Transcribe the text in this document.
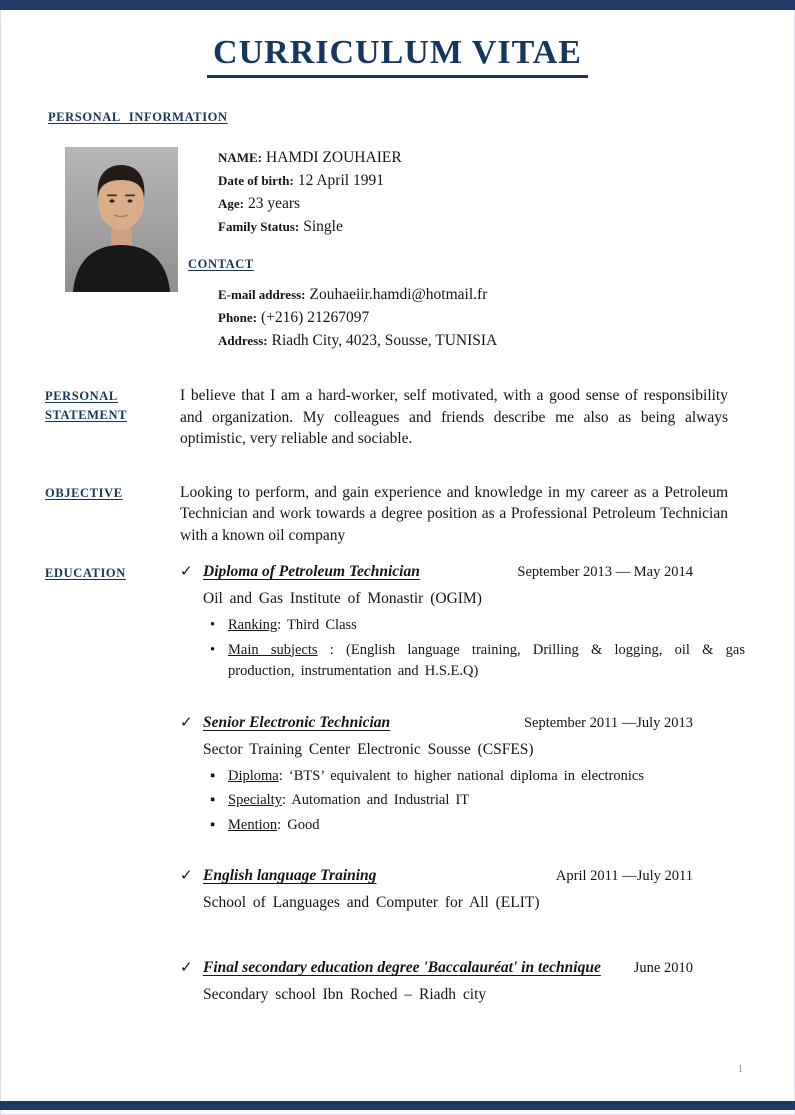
CURRICULUM VITAE
PERSONAL INFORMATION
NAME: HAMDI ZOUHAIER
Date of birth: 12 April 1991
Age: 23 years
Family Status: Single
CONTACT
E-mail address: Zouhaeiir.hamdi@hotmail.fr
Phone: (+216) 21267097
Address: Riadh City, 4023, Sousse, TUNISIA
PERSONAL STATEMENT
I believe that I am a hard-worker, self motivated, with a good sense of responsibility and organization. My colleagues and friends describe me also as being always optimistic, very reliable and sociable.
OBJECTIVE	Looking to perform, and gain experience and knowledge in my career as a Petroleum Technician and work towards a degree position as a Professional Petroleum Technician with a known oil company
EDUCATION	✓ Diploma of Petroleum Technician	September 2013 — May 2014
Oil and Gas Institute of Monastir (OGIM)
• Ranking: Third Class
• Main subjects : (English language training, Drilling & logging, oil & gas production, instrumentation and H.S.E.Q)
✓ Senior Electronic Technician	September 2011 —July 2013
Sector Training Center Electronic Sousse (CSFES)
▪ Diploma: ‘BTS’ equivalent to higher national diploma in electronics
▪ Specialty: Automation and Industrial IT
▪ Mention: Good
✓ English language Training	April 2011 —July 2011
School of Languages and Computer for All (ELIT)
✓ Final secondary education degree 'Baccalauréat' in technique	June 2010
Secondary school Ibn Roched – Riadh city
1
